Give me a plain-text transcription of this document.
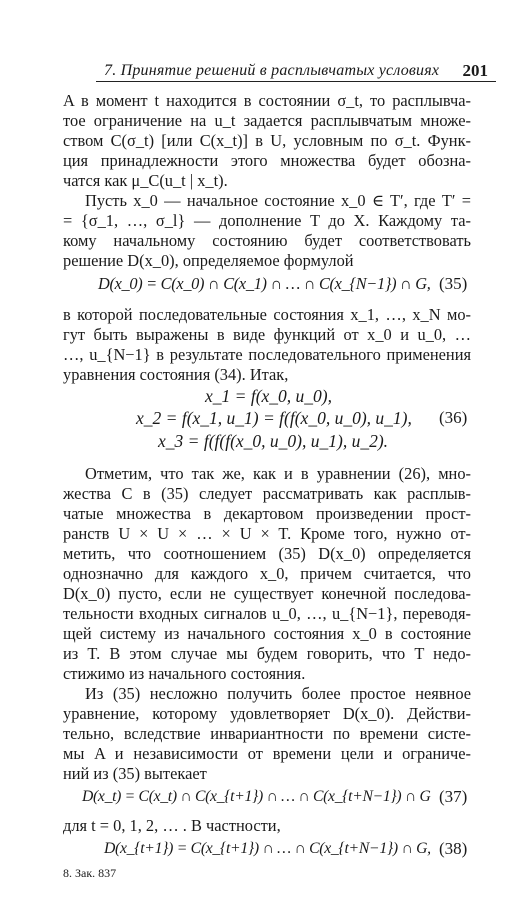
7. Принятие решений в расплывчатых условиях 201
A в момент t находится в состоянии σ_t, то расплывча-
тое ограничение на u_t задается расплывчатым множе-
ством C(σ_t) [или C(x_t)] в U, условным по σ_t. Функ-
ция принадлежности этого множества будет обозна-
чатся как μ_C(u_t | x_t).
Пусть x_0 — начальное состояние x_0 ∈ T′, где T′ =
= {σ_1, …, σ_l} — дополнение T до X. Каждому та-
кому начальному состоянию будет соответствовать
решение D(x_0), определяемое формулой
D(x_0) = C(x_0) ∩ C(x_1) ∩ … ∩ C(x_{N−1}) ∩ G, (35)
в которой последовательные состояния x_1, …, x_N мо-
гут быть выражены в виде функций от x_0 и u_0, …
…, u_{N−1} в результате последовательного применения
уравнения состояния (34). Итак,
x_1 = f(x_0, u_0),
x_2 = f(x_1, u_1) = f(f(x_0, u_0), u_1), (36)
x_3 = f(f(f(x_0, u_0), u_1), u_2).
Отметим, что так же, как и в уравнении (26), мно-
жества C в (35) следует рассматривать как расплыв-
чатые множества в декартовом произведении прост-
ранств U × U × … × U × T. Кроме того, нужно от-
метить, что соотношением (35) D(x_0) определяется
однозначно для каждого x_0, причем считается, что
D(x_0) пусто, если не существует конечной последова-
тельности входных сигналов u_0, …, u_{N−1}, переводя-
щей систему из начального состояния x_0 в состояние
из T. В этом случае мы будем говорить, что T недо-
стижимо из начального состояния.
Из (35) несложно получить более простое неявное
уравнение, которому удовлетворяет D(x_0). Действи-
тельно, вследствие инвариантности по времени систе-
мы A и независимости от времени цели и ограниче-
ний из (35) вытекает
D(x_t) = C(x_t) ∩ C(x_{t+1}) ∩ … ∩ C(x_{t+N−1}) ∩ G (37)
для t = 0, 1, 2, … . В частности,
D(x_{t+1}) = C(x_{t+1}) ∩ … ∩ C(x_{t+N−1}) ∩ G, (38)
8. Зак. 837
